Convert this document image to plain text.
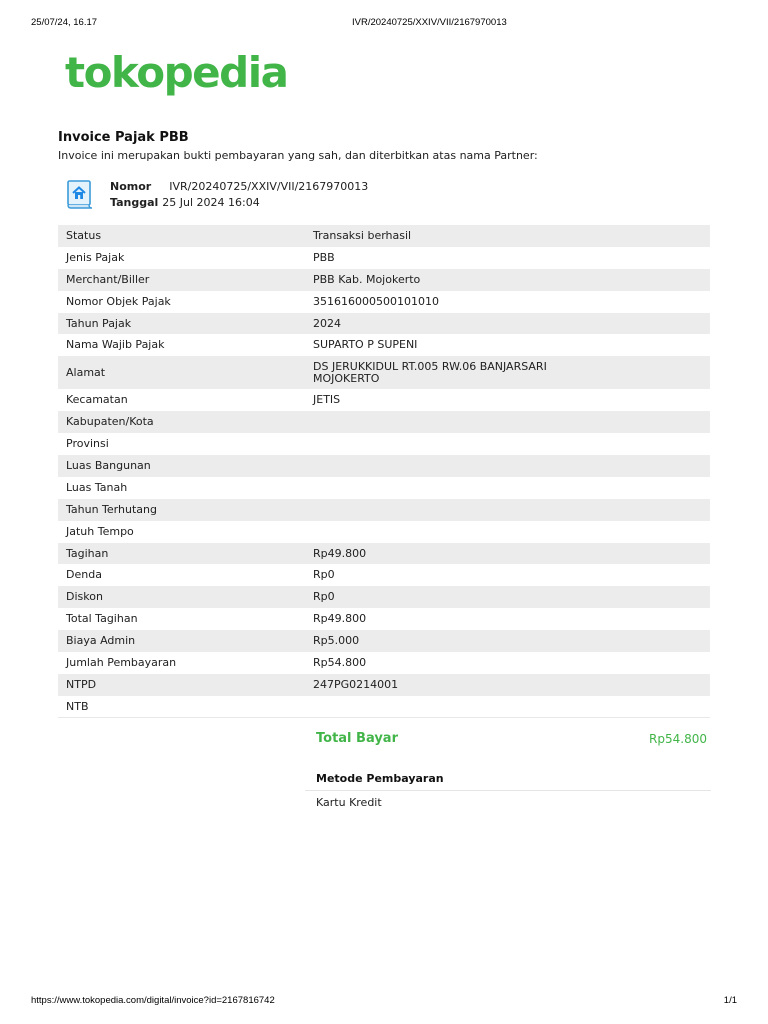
25/07/24, 16.17	IVR/20240725/XXIV/VII/2167970013
tokopedia
Invoice Pajak PBB
Invoice ini merupakan bukti pembayaran yang sah, dan diterbitkan atas nama Partner:
Nomor IVR/20240725/XXIV/VII/2167970013
Tanggal 25 Jul 2024 16:04
Status	Transaksi berhasil
Jenis Pajak	PBB
Merchant/Biller	PBB Kab. Mojokerto
Nomor Objek Pajak	351616000500101010
Tahun Pajak	2024
Nama Wajib Pajak	SUPARTO P SUPENI
Alamat	DS JERUKKIDUL RT.005 RW.06 BANJARSARI
MOJOKERTO

Kecamatan	JETIS
Kabupaten/Kota	
Provinsi	
Luas Bangunan	
Luas Tanah	
Tahun Terhutang	
Jatuh Tempo	
Tagihan	Rp49.800
Denda	Rp0
Diskon	Rp0
Total Tagihan	Rp49.800
Biaya Admin	Rp5.000
Jumlah Pembayaran	Rp54.800
NTPD	247PG0214001
NTB	
Total Bayar	Rp54.800
Metode Pembayaran
Kartu Kredit
https://www.tokopedia.com/digital/invoice?id=2167816742	1/1
